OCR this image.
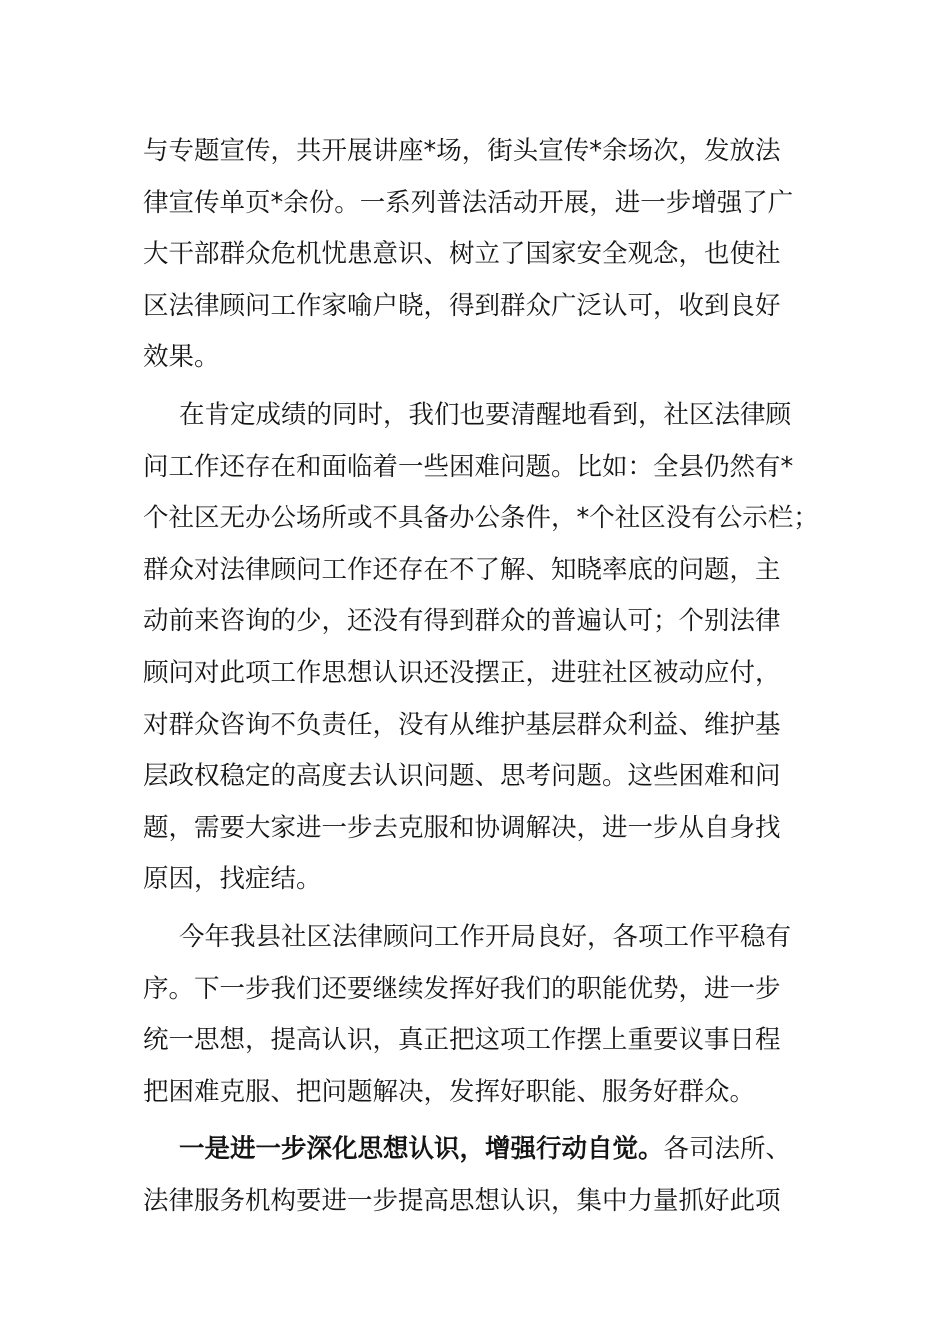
与专题宣传，共开展讲座*场，街头宣传*余场次，发放法
律宣传单页*余份。一系列普法活动开展，进一步增强了广
大干部群众危机忧患意识、树立了国家安全观念，也使社
区法律顾问工作家喻户晓，得到群众广泛认可，收到良好
效果。
在肯定成绩的同时，我们也要清醒地看到，社区法律顾
问工作还存在和面临着一些困难问题。比如：全县仍然有*
个社区无办公场所或不具备办公条件，*个社区没有公示栏；
群众对法律顾问工作还存在不了解、知晓率底的问题，主
动前来咨询的少，还没有得到群众的普遍认可；个别法律
顾问对此项工作思想认识还没摆正，进驻社区被动应付，
对群众咨询不负责任，没有从维护基层群众利益、维护基
层政权稳定的高度去认识问题、思考问题。这些困难和问
题，需要大家进一步去克服和协调解决，进一步从自身找
原因，找症结。
今年我县社区法律顾问工作开局良好，各项工作平稳有
序。下一步我们还要继续发挥好我们的职能优势，进一步
统一思想，提高认识，真正把这项工作摆上重要议事日程
把困难克服、把问题解决，发挥好职能、服务好群众。
一是进一步深化思想认识，增强行动自觉。各司法所、
法律服务机构要进一步提高思想认识，集中力量抓好此项
